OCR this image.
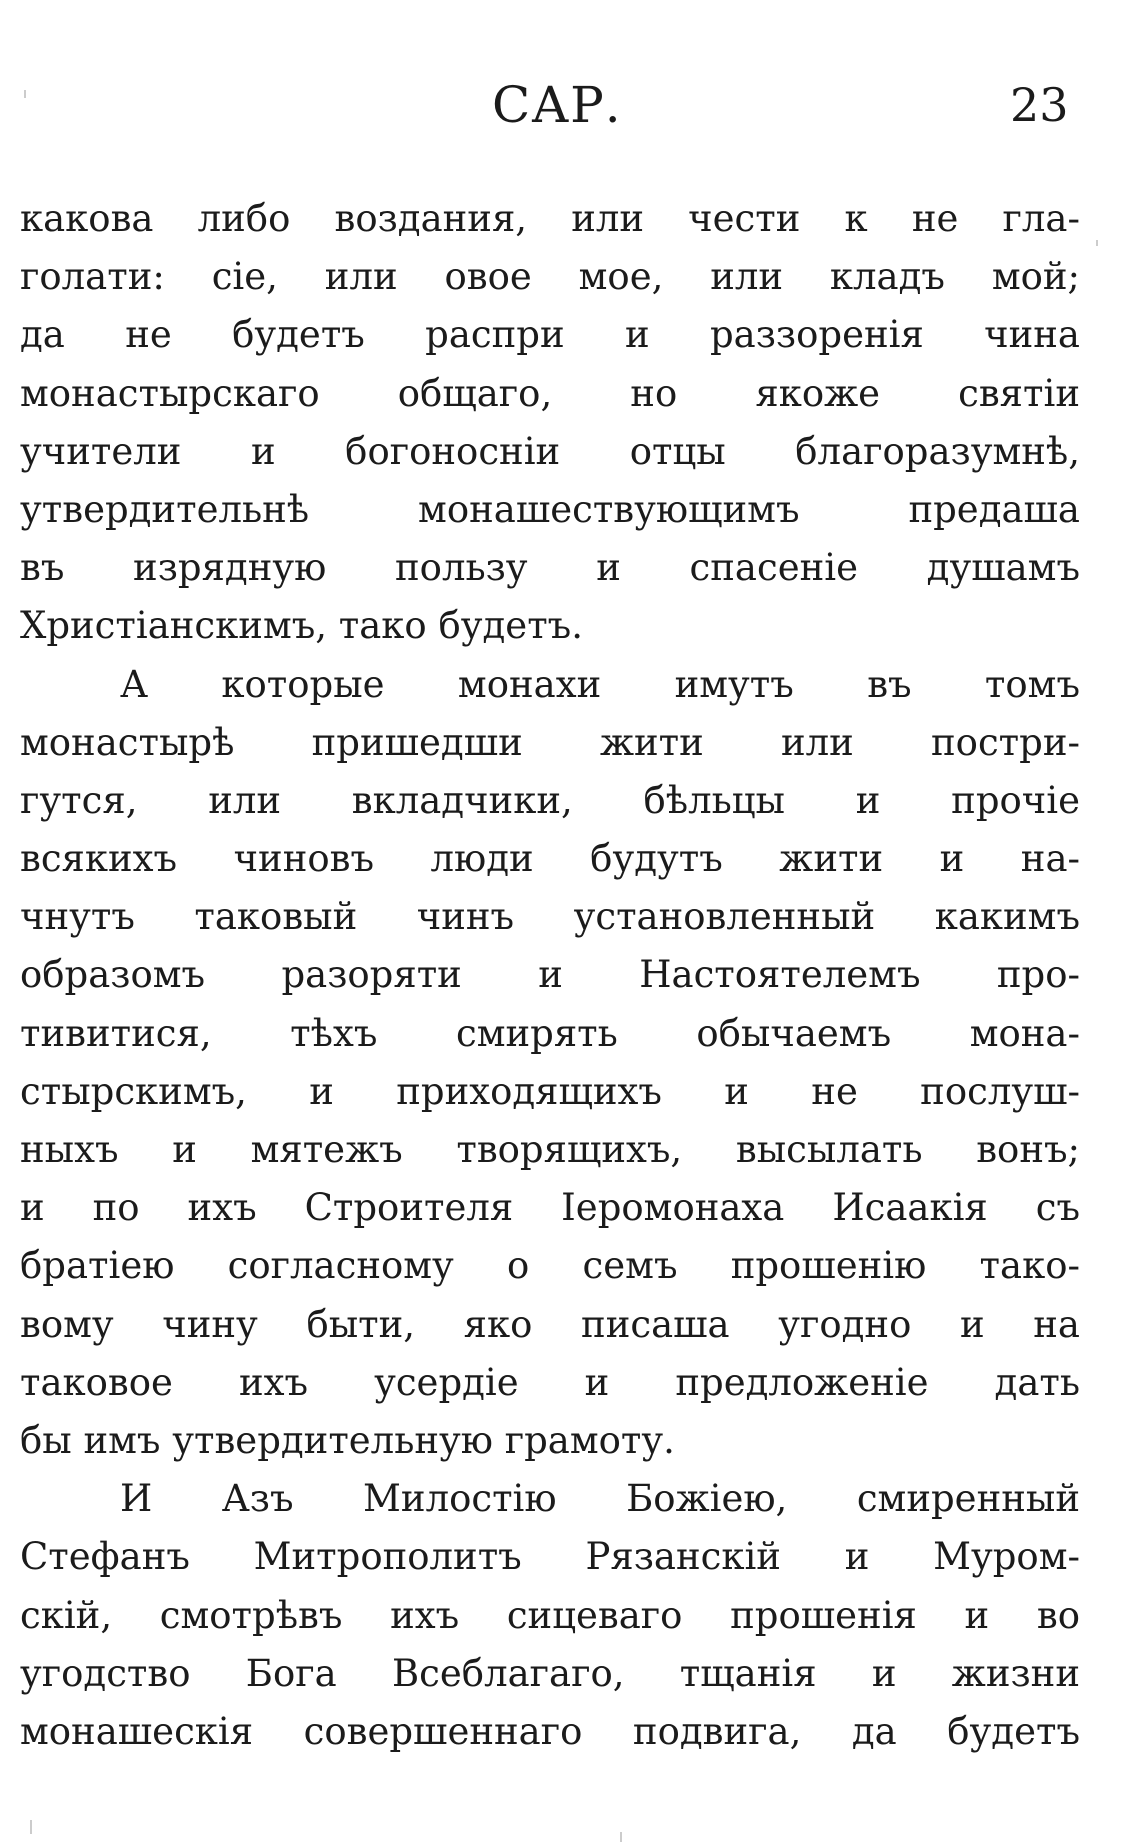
САР.	23
какова либо воздания, или чести к не гла-
голати: сіе, или овое мое, или кладъ мой;
да не будетъ распри и раззоренія чина
монастырскаго общаго, но якоже святіи
учители и богоносніи отцы благоразумнѣ,
утвердительнѣ монашествующимъ предаша
въ изрядную пользу и спасеніе душамъ
Христіанскимъ, тако будетъ.
А которые монахи имутъ въ томъ
монастырѣ пришедши жити или постри-
гутся, или вкладчики, бѣльцы и прочіе
всякихъ чиновъ люди будутъ жити и на-
чнутъ таковый чинъ установленный какимъ
образомъ разоряти и Настоятелемъ про-
тивитися, тѣхъ смирять обычаемъ мона-
стырскимъ, и приходящихъ и не послуш-
ныхъ и мятежъ творящихъ, высылать вонъ;
и по ихъ Строителя Іеромонаха Исаакія съ
братіею согласному о семъ прошенію тако-
вому чину быти, яко писаша угодно и на
таковое ихъ усердіе и предложеніе дать
бы имъ утвердительную грамоту.
И Азъ Милостію Божіею, смиренный
Стефанъ Митрополитъ Рязанскій и Муром-
скій, смотрѣвъ ихъ сицеваго прошенія и во
угодство Бога Всеблагаго, тщанія и жизни
монашескія совершеннаго подвига, да будетъ
